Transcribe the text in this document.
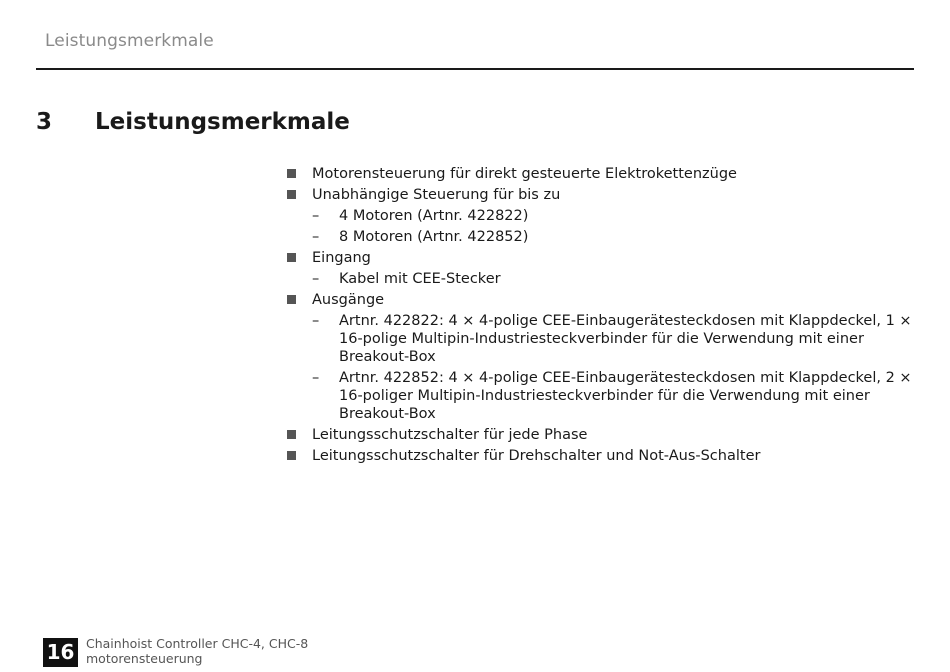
Leistungsmerkmale
3 Leistungsmerkmale
Motorensteuerung für direkt gesteuerte Elektrokettenzüge
Unabhängige Steuerung für bis zu
– 4 Motoren (Artnr. 422822)
– 8 Motoren (Artnr. 422852)
Eingang
– Kabel mit CEE-Stecker
Ausgänge
– Artnr. 422822: 4 × 4-polige CEE-Einbaugerätesteckdosen mit Klappdeckel, 1 × 16-polige Multipin-Industriesteckverbinder für die Verwendung mit einer Breakout-Box
– Artnr. 422852: 4 × 4-polige CEE-Einbaugerätesteckdosen mit Klappdeckel, 2 × 16-poliger Multipin-Industriesteckverbinder für die Verwendung mit einer Breakout-Box
Leitungsschutzschalter für jede Phase
Leitungsschutzschalter für Drehschalter und Not-Aus-Schalter
16 Chainhoist Controller CHC-4, CHC-8
motorensteuerung
